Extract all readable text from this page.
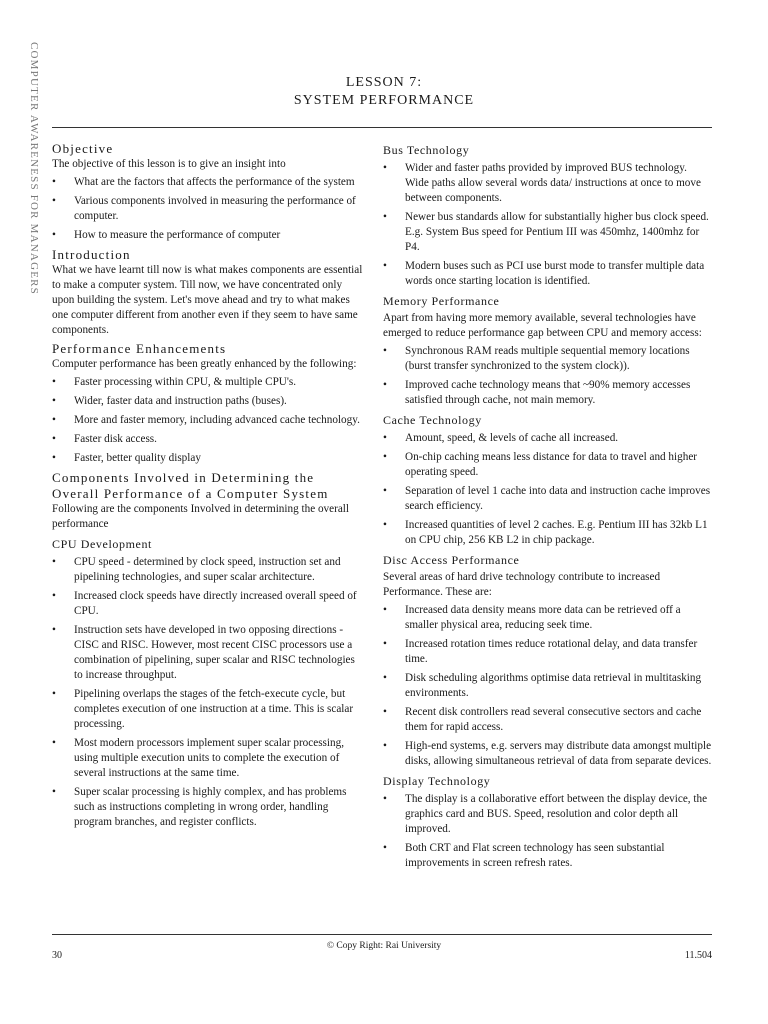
COMPUTER AWARENESS FOR MANAGERS	LESSON 7:
SYSTEM PERFORMANCE
Objective

The objective of this lesson is to give an insight into

• What are the factors that affects the performance of the system
• Various components involved in measuring the performance of computer.
• How to measure the performance of computer
Introduction

What we have learnt till now is what makes components are essential to make a computer system. Till now, we have concentrated only upon building the system. Let's move ahead and try to what makes one computer different from another even if they seem to have same components.

Performance Enhancements

Computer performance has been greatly enhanced by the following:

• Faster processing within CPU, & multiple CPU's.
• Wider, faster data and instruction paths (buses).
• More and faster memory, including advanced cache technology.
• Faster disk access.
• Faster, better quality display
Components Involved in Determining the Overall Performance of a Computer System

Following are the components Involved in determining the overall performance

CPU Development
• CPU speed - determined by clock speed, instruction set and pipelining technologies, and super scalar architecture.
• Increased clock speeds have directly increased overall speed of CPU.
• Instruction sets have developed in two opposing directions - CISC and RISC. However, most recent CISC processors use a combination of pipelining, super scalar and RISC technologies to increase throughput.
• Pipelining overlaps the stages of the fetch-execute cycle, but completes execution of one instruction at a time. This is scalar processing.
• Most modern processors implement super scalar processing, using multiple execution units to complete the execution of several instructions at the same time.
• Super scalar processing is highly complex, and has problems such as instructions completing in wrong order, handling program branches, and register conflicts.
Bus Technology
• Wider and faster paths provided by improved BUS technology. Wide paths allow several words data/ instructions at once to move between components.
• Newer bus standards allow for substantially higher bus clock speed. E.g. System Bus speed for Pentium III was 450mhz, 1400mhz for P4.
• Modern buses such as PCI use burst mode to transfer multiple data words once starting location is identified.
Memory Performance

Apart from having more memory available, several technologies have emerged to reduce performance gap between CPU and memory access:

• Synchronous RAM reads multiple sequential memory locations (burst transfer synchronized to the system clock)).
• Improved cache technology means that ~90% memory accesses satisfied through cache, not main memory.
Cache Technology
• Amount, speed, & levels of cache all increased.
• On-chip caching means less distance for data to travel and higher operating speed.
• Separation of level 1 cache into data and instruction cache improves search efficiency.
• Increased quantities of level 2 caches. E.g. Pentium III has 32kb L1 on CPU chip, 256 KB L2 in chip package.
Disc Access Performance

Several areas of hard drive technology contribute to increased Performance. These are:

• Increased data density means more data can be retrieved off a smaller physical area, reducing seek time.
• Increased rotation times reduce rotational delay, and data transfer time.
• Disk scheduling algorithms optimise data retrieval in multitasking environments.
• Recent disk controllers read several consecutive sectors and cache them for rapid access.
• High-end systems, e.g. servers may distribute data amongst multiple disks, allowing simultaneous retrieval of data from separate devices.
Display Technology
• The display is a collaborative effort between the display device, the graphics card and BUS. Speed, resolution and color depth all improved.
• Both CRT and Flat screen technology has seen substantial improvements in screen refresh rates.
© Copy Right: Rai University
30	11.504
